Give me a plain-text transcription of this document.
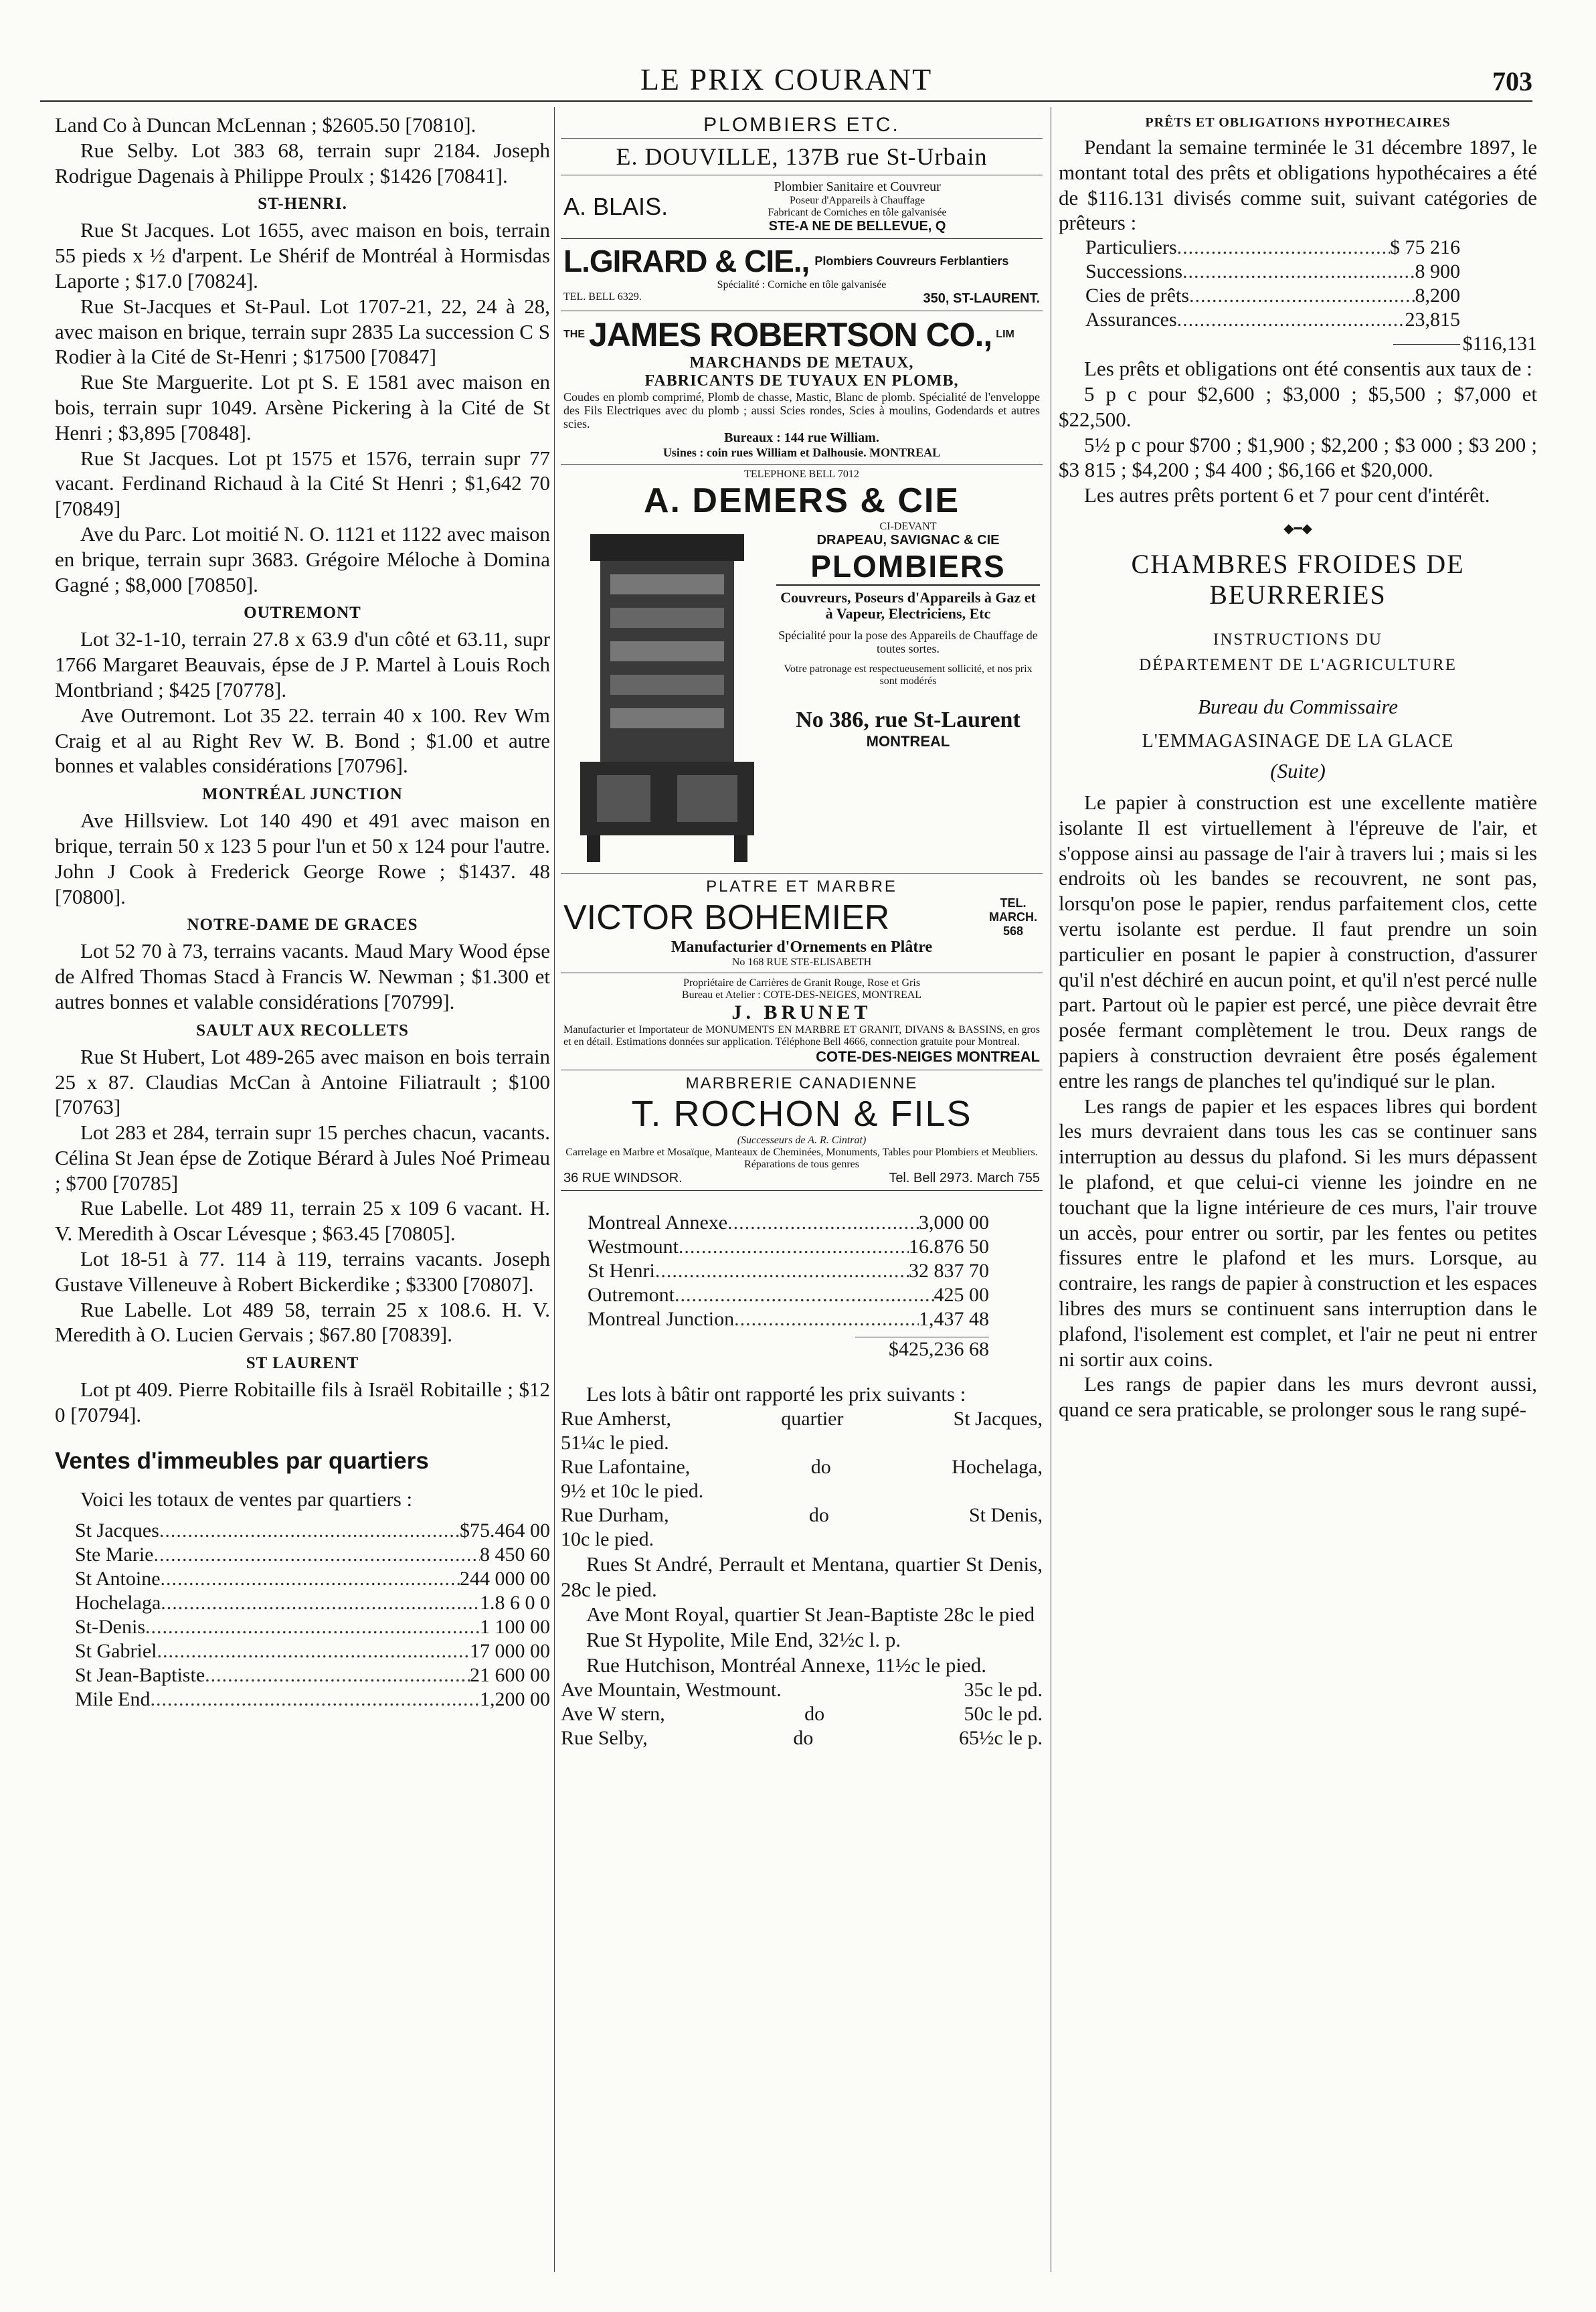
LE PRIX COURANT	703

Land Co à Duncan McLennan ; $2605.50 [70810].

Rue Selby. Lot 383 68, terrain supr 2184. Joseph Rodrigue Dagenais à Philippe Proulx ; $1426 [70841].

ST-HENRI.

Rue St Jacques. Lot 1655, avec maison en bois, terrain 55 pieds x ½ d'arpent. Le Shérif de Montréal à Hormisdas Laporte ; $17.0 [70824].

Rue St-Jacques et St-Paul. Lot 1707-21, 22, 24 à 28, avec maison en brique, terrain supr 2835 La succession C S Rodier à la Cité de St-Henri ; $17500 [70847]

Rue Ste Marguerite. Lot pt S. E 1581 avec maison en bois, terrain supr 1049. Arsène Pickering à la Cité de St Henri ; $3,895 [70848].

Rue St Jacques. Lot pt 1575 et 1576, terrain supr 77 vacant. Ferdinand Richaud à la Cité St Henri ; $1,642 70 [70849]

Ave du Parc. Lot moitié N. O. 1121 et 1122 avec maison en brique, terrain supr 3683. Grégoire Méloche à Domina Gagné ; $8,000 [70850].

OUTREMONT

Lot 32-1-10, terrain 27.8 x 63.9 d'un côté et 63.11, supr 1766 Margaret Beauvais, épse de J P. Martel à Louis Roch Montbriand ; $425 [70778].

Ave Outremont. Lot 35 22. terrain 40 x 100. Rev Wm Craig et al au Right Rev W. B. Bond ; $1.00 et autre bonnes et valables considérations [70796].

MONTRÉAL JUNCTION

Ave Hillsview. Lot 140 490 et 491 avec maison en brique, terrain 50 x 123 5 pour l'un et 50 x 124 pour l'autre. John J Cook à Frederick George Rowe ; $1437. 48 [70800].

NOTRE-DAME DE GRACES

Lot 52 70 à 73, terrains vacants. Maud Mary Wood épse de Alfred Thomas Stacd à Francis W. Newman ; $1.300 et autres bonnes et valable considérations [70799].

SAULT AUX RECOLLETS

Rue St Hubert, Lot 489-265 avec maison en bois terrain 25 x 87. Claudias McCan à Antoine Filiatrault ; $100 [70763]

Lot 283 et 284, terrain supr 15 perches chacun, vacants. Célina St Jean épse de Zotique Bérard à Jules Noé Primeau ; $700 [70785]

Rue Labelle. Lot 489 11, terrain 25 x 109 6 vacant. H. V. Meredith à Oscar Lévesque ; $63.45 [70805].

Lot 18-51 à 77. 114 à 119, terrains vacants. Joseph Gustave Villeneuve à Robert Bickerdike ; $3300 [70807].

Rue Labelle. Lot 489 58, terrain 25 x 108.6. H. V. Meredith à O. Lucien Gervais ; $67.80 [70839].

ST LAURENT

Lot pt 409. Pierre Robitaille fils à Israël Robitaille ; $12 0 [70794].

Ventes d'immeubles par quartiers

Voici les totaux de ventes par quartiers :

St Jacques .....	$75.464 00
Ste Marie .....	8 450 60
St Antoine .....	244 000 00
Hochelaga .....	1.8 6 0 0
St-Denis .....	1 100 00
St Gabriel .....	17 000 00
St Jean-Baptiste .....	21 600 00
Mile End .....	1,200 00
PLOMBIERS ETC.
E. DOUVILLE, 137B rue St-Urbain
A. BLAIS.
Plombier Sanitaire et Couvreur
Poseur d'Appareils à Chauffage
Fabricant de Corniches en tôle galvanisée
STE-A NE DE BELLEVUE, Q
L.GIRARD & CIE., Plombiers Couvreurs Ferblantiers
Spécialité : Corniche en tôle galvanisée
TEL. BELL 6329.	350, ST-LAURENT.
THE JAMES ROBERTSON CO., LIM
MARCHANDS DE METAUX,
FABRICANTS DE TUYAUX EN PLOMB,
Coudes en plomb comprimé, Plomb de chasse, Mastic, Blanc de plomb. Spécialité de l'enveloppe des Fils Electriques avec du plomb ; aussi Scies rondes, Scies à moulins, Godendards et autres scies.
Bureaux : 144 rue William.
Usines : coin rues William et Dalhousie. MONTREAL
TELEPHONE BELL 7012
A. DEMERS & CIE
CI-DEVANT
DRAPEAU, SAVIGNAC & CIE
PLOMBIERS
Couvreurs, Poseurs d'Appareils à Gaz et à Vapeur, Electriciens, Etc
Spécialité pour la pose des Appareils de Chauffage de toutes sortes.
Votre patronage est respectueusement sollicité, et nos prix sont modérés
No 386, rue St-Laurent
MONTREAL
PLATRE ET MARBRE
VICTOR BOHEMIER	TEL. MARCH. 568
Manufacturier d'Ornements en Plâtre
No 168 RUE STE-ELISABETH
Propriétaire de Carrières de Granit Rouge, Rose et Gris
Bureau et Atelier : COTE-DES-NEIGES, MONTREAL
J. BRUNET
Manufacturier et Importateur de MONUMENTS EN MARBRE ET GRANIT, DIVANS & BASSINS, en gros et en détail. Estimations données sur application. Téléphone Bell 4666, connection gratuite pour Montreal.
COTE-DES-NEIGES MONTREAL
MARBRERIE CANADIENNE
T. ROCHON & FILS
(Successeurs de A. R. Cintrat)
Carrelage en Marbre et Mosaïque, Manteaux de Cheminées, Monuments, Tables pour Plombiers et Meubliers. Réparations de tous genres
36 RUE WINDSOR.	Tel. Bell 2973. March 755
Montreal Annexe .....	3,000 00
Westmount .....	16.876 50
St Henri .....	32 837 70
Outremont .....	425 00
Montreal Junction .....	1,437 48
$425,236 68

Les lots à bâtir ont rapporté les prix suivants :

Rue Amherst,	quartier	St Jacques,
51¼c le pied.
Rue Lafontaine,	do	Hochelaga,
9½ et 10c le pied.
Rue Durham,	do	St Denis,
10c le pied.

Rues St André, Perrault et Mentana, quartier St Denis, 28c le pied.

Ave Mont Royal, quartier St Jean-Baptiste 28c le pied

Rue St Hypolite, Mile End, 32½c l. p.

Rue Hutchison, Montréal Annexe, 11½c le pied.

Ave Mountain, Westmount.	35c le pd.
Ave W stern,	do	50c le pd.
Rue Selby,	do	65½c le p.
PRÊTS ET OBLIGATIONS HYPOTHECAIRES

Pendant la semaine terminée le 31 décembre 1897, le montant total des prêts et obligations hypothécaires a été de $116.131 divisés comme suit, suivant catégories de prêteurs :

Particuliers .....	$ 75 216
Successions .....	8 900
Cies de prêts .....	8,200
Assurances .....	23,815
$116,131

Les prêts et obligations ont été consentis aux taux de :

5 p c pour $2,600 ; $3,000 ; $5,500 ; $7,000 et $22,500.

5½ p c pour $700 ; $1,900 ; $2,200 ; $3 000 ; $3 200 ; $3 815 ; $4,200 ; $4 400 ; $6,166 et $20,000.

Les autres prêts portent 6 et 7 pour cent d'intérêt.

◆━◆
CHAMBRES FROIDES DE BEURRERIES
INSTRUCTIONS DU
DÉPARTEMENT DE L'AGRICULTURE
Bureau du Commissaire
L'EMMAGASINAGE DE LA GLACE
(Suite)

Le papier à construction est une excellente matière isolante Il est virtuellement à l'épreuve de l'air, et s'oppose ainsi au passage de l'air à travers lui ; mais si les endroits où les bandes se recouvrent, ne sont pas, lorsqu'on pose le papier, rendus parfaitement clos, cette vertu isolante est perdue. Il faut prendre un soin particulier en posant le papier à construction, d'assurer qu'il n'est déchiré en aucun point, et qu'il n'est percé nulle part. Partout où le papier est percé, une pièce devrait être posée fermant complètement le trou. Deux rangs de papiers à construction devraient être posés également entre les rangs de planches tel qu'indiqué sur le plan.

Les rangs de papier et les espaces libres qui bordent les murs devraient dans tous les cas se continuer sans interruption au dessus du plafond. Si les murs dépassent le plafond, et que celui-ci vienne les joindre en ne touchant que la ligne intérieure de ces murs, l'air trouve un accès, pour entrer ou sortir, par les fentes ou petites fissures entre le plafond et les murs. Lorsque, au contraire, les rangs de papier à construction et les espaces libres des murs se continuent sans interruption dans le plafond, l'isolement est complet, et l'air ne peut ni entrer ni sortir aux coins.

Les rangs de papier dans les murs devront aussi, quand ce sera praticable, se prolonger sous le rang supé-
